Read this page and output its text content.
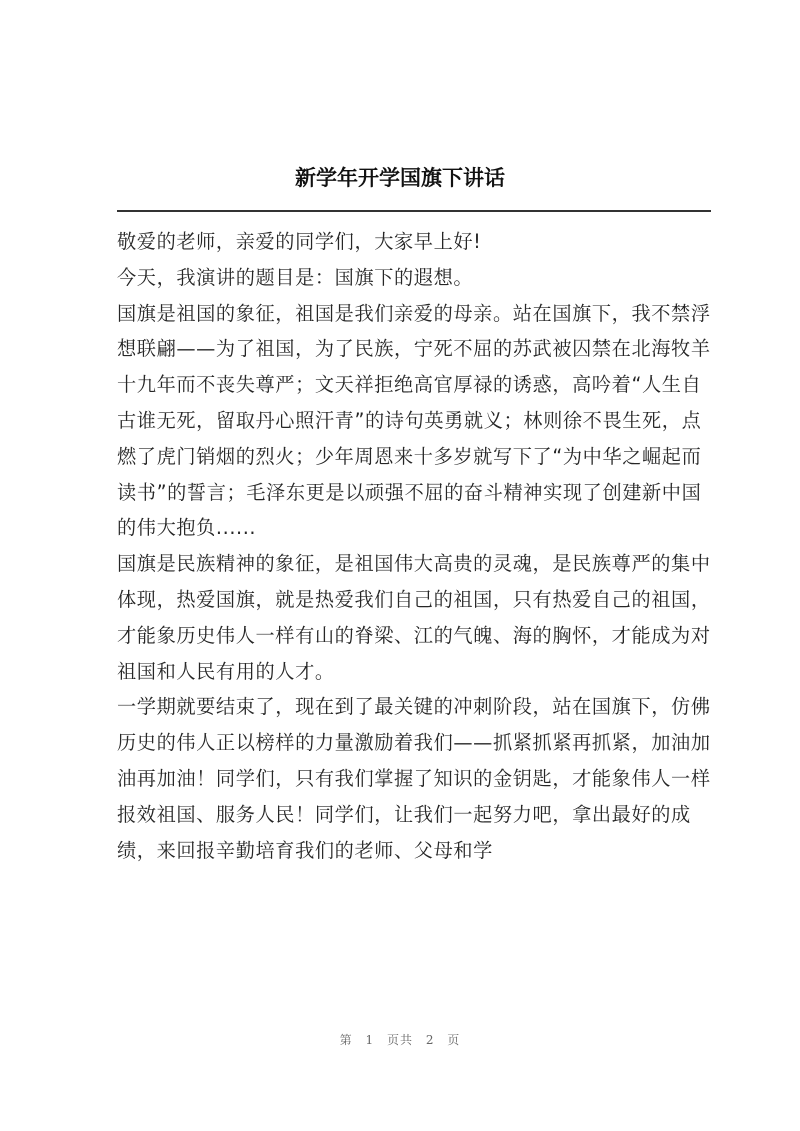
新学年开学国旗下讲话

敬爱的老师，亲爱的同学们，大家早上好!

今天，我演讲的题目是：国旗下的遐想。

国旗是祖国的象征，祖国是我们亲爱的母亲。站在国旗下，我不禁浮想联翩——为了祖国，为了民族，宁死不屈的苏武被囚禁在北海牧羊十九年而不丧失尊严；文天祥拒绝高官厚禄的诱惑，高吟着“人生自古谁无死，留取丹心照汗青”的诗句英勇就义；林则徐不畏生死，点燃了虎门销烟的烈火；少年周恩来十多岁就写下了“为中华之崛起而读书”的誓言；毛泽东更是以顽强不屈的奋斗精神实现了创建新中国的伟大抱负......

国旗是民族精神的象征，是祖国伟大高贵的灵魂，是民族尊严的集中体现，热爱国旗，就是热爱我们自己的祖国，只有热爱自己的祖国，才能象历史伟人一样有山的脊梁、江的气魄、海的胸怀，才能成为对祖国和人民有用的人才。

一学期就要结束了，现在到了最关键的冲刺阶段，站在国旗下，仿佛历史的伟人正以榜样的力量激励着我们——抓紧抓紧再抓紧，加油加油再加油！同学们，只有我们掌握了知识的金钥匙，才能象伟人一样报效祖国、服务人民！同学们，让我们一起努力吧，拿出最好的成绩，来回报辛勤培育我们的老师、父母和学

第 1 页共 2 页
